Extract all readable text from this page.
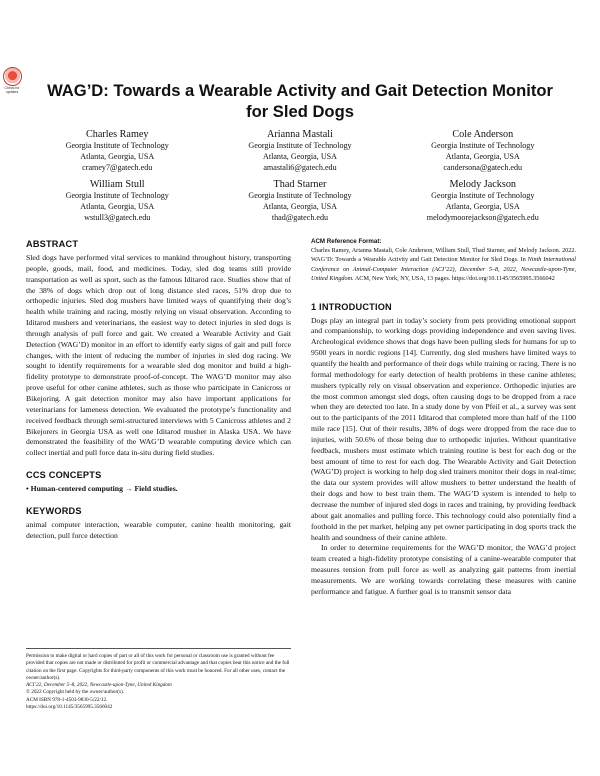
Check for updates	WAG’D: Towards a Wearable Activity and Gait Detection Monitor for Sled Dogs
Charles Ramey
Georgia Institute of Technology
Atlanta, Georgia, USA
cramey7@gatech.edu
Arianna Mastali
Georgia Institute of Technology
Atlanta, Georgia, USA
amastali6@gatech.edu
Cole Anderson
Georgia Institute of Technology
Atlanta, Georgia, USA
candersona@gatech.edu
William Stull
Georgia Institute of Technology
Atlanta, Georgia, USA
wstull3@gatech.edu
Thad Starner
Georgia Institute of Technology
Atlanta, Georgia, USA
thad@gatech.edu
Melody Jackson
Georgia Institute of Technology
Atlanta, Georgia, USA
melodymoorejackson@gatech.edu
ABSTRACT

Sled dogs have performed vital services to mankind throughout history, transporting people, goods, mail, food, and medicines. Today, sled dog teams still provide transportation as well as sport, such as the famous Iditarod race. Studies show that of the 38% of dogs which drop out of long distance sled races, 51% drop due to orthopedic injuries. Sled dog mushers have limited ways of quantifying their dog’s health while training and racing, mostly relying on visual observation. According to Iditarod mushers and veterinarians, the easiest way to detect injuries in sled dogs is through analysis of pull force and gait. We created a Wearable Activity and Gait Detection (WAG’D) monitor in an effort to identify early signs of gait and pull force changes, with the intent of reducing the number of injuries in sled dog racing. We sought to identify requirements for a wearable sled dog monitor and build a high-fidelity prototype to demonstrate proof-of-concept. The WAG’D monitor may also prove useful for other canine athletes, such as those who participate in Canicross or Bikejoring. A gait detection monitor may also have important applications for veterinarians for lameness detection. We evaluated the prototype’s functionality and received feedback through semi-structured interviews with 5 Canicross athletes and 2 Bikejorers in Georgia USA as well one Iditarod musher in Alaska USA. We have demonstrated the feasibility of the WAG’D wearable computing device which can collect inertial and pull force data in-situ during field studies.

CCS CONCEPTS

• Human-centered computing → Field studies.

KEYWORDS

animal computer interaction, wearable computer, canine health monitoring, gait detection, pull force detection

ACM Reference Format:

Charles Ramey, Arianna Mastali, Cole Anderson, William Stull, Thad Starner, and Melody Jackson. 2022. WAG’D: Towards a Wearable Activity and Gait Detection Monitor for Sled Dogs. In Ninth International Conference on Animal-Computer Interaction (ACI’22), December 5–8, 2022, Newcastle-upon-Tyne, United Kingdom. ACM, New York, NY, USA, 13 pages. https://doi.org/10.1145/3565995.3566042

1 INTRODUCTION

Dogs play an integral part in today’s society from pets providing emotional support and companionship, to working dogs providing independence and even saving lives. Archeological evidence shows that dogs have been pulling sleds for humans for up to 9500 years in nordic regions [14]. Currently, dog sled mushers have limited ways to quantify the health and performance of their dogs while training or racing. There is no formal methodology for early detection of health problems in these canine athletes; mushers typically rely on visual observation and experience. Orthopedic injuries are the most common amongst sled dogs, often causing dogs to be dropped from a race when they are detected too late. In a study done by von Pfeil et al., a survey was sent out to the participants of the 2011 Iditarod that completed more than half of the 1100 mile race [15]. Out of their results, 38% of dogs were dropped from the race due to injuries, with 50.6% of those being due to orthopedic injuries. Without quantitative feedback, mushers must estimate which training routine is best for each dog or the best amount of time to rest for each dog. The Wearable Activity and Gait Detection (WAG’D) project is working to help dog sled trainers monitor their dogs in real-time; the data our system provides will allow mushers to better understand the health of their dogs and how to best train them. The WAG’D system is intended to help to decrease the number of injured sled dogs in races and training, by providing feedback about gait anomalies and pulling force. This technology could also potentially find a foothold in the pet market, helping any pet owner participating in dog sports track the health and soundness of their canine athlete.

In order to determine requirements for the WAG’D monitor, the WAG’d project team created a high-fidelity prototype consisting of a canine-wearable computer that measures tension from pull force as well as analyzing gait patterns from inertial measurements. We are working towards correlating these measures with canine performance and fatigue. A further goal is to transmit sensor data

Permission to make digital or hard copies of part or all of this work for personal or classroom use is granted without fee provided that copies are not made or distributed for profit or commercial advantage and that copies bear this notice and the full citation on the first page. Copyrights for third-party components of this work must be honored. For all other uses, contact the owner/author(s).

ACI’22, December 5–8, 2022, Newcastle-upon-Tyne, United Kingdom

© 2022 Copyright held by the owner/author(s).

ACM ISBN 978-1-4503-9830-5/22/12.

https://doi.org/10.1145/3565995.3566042
